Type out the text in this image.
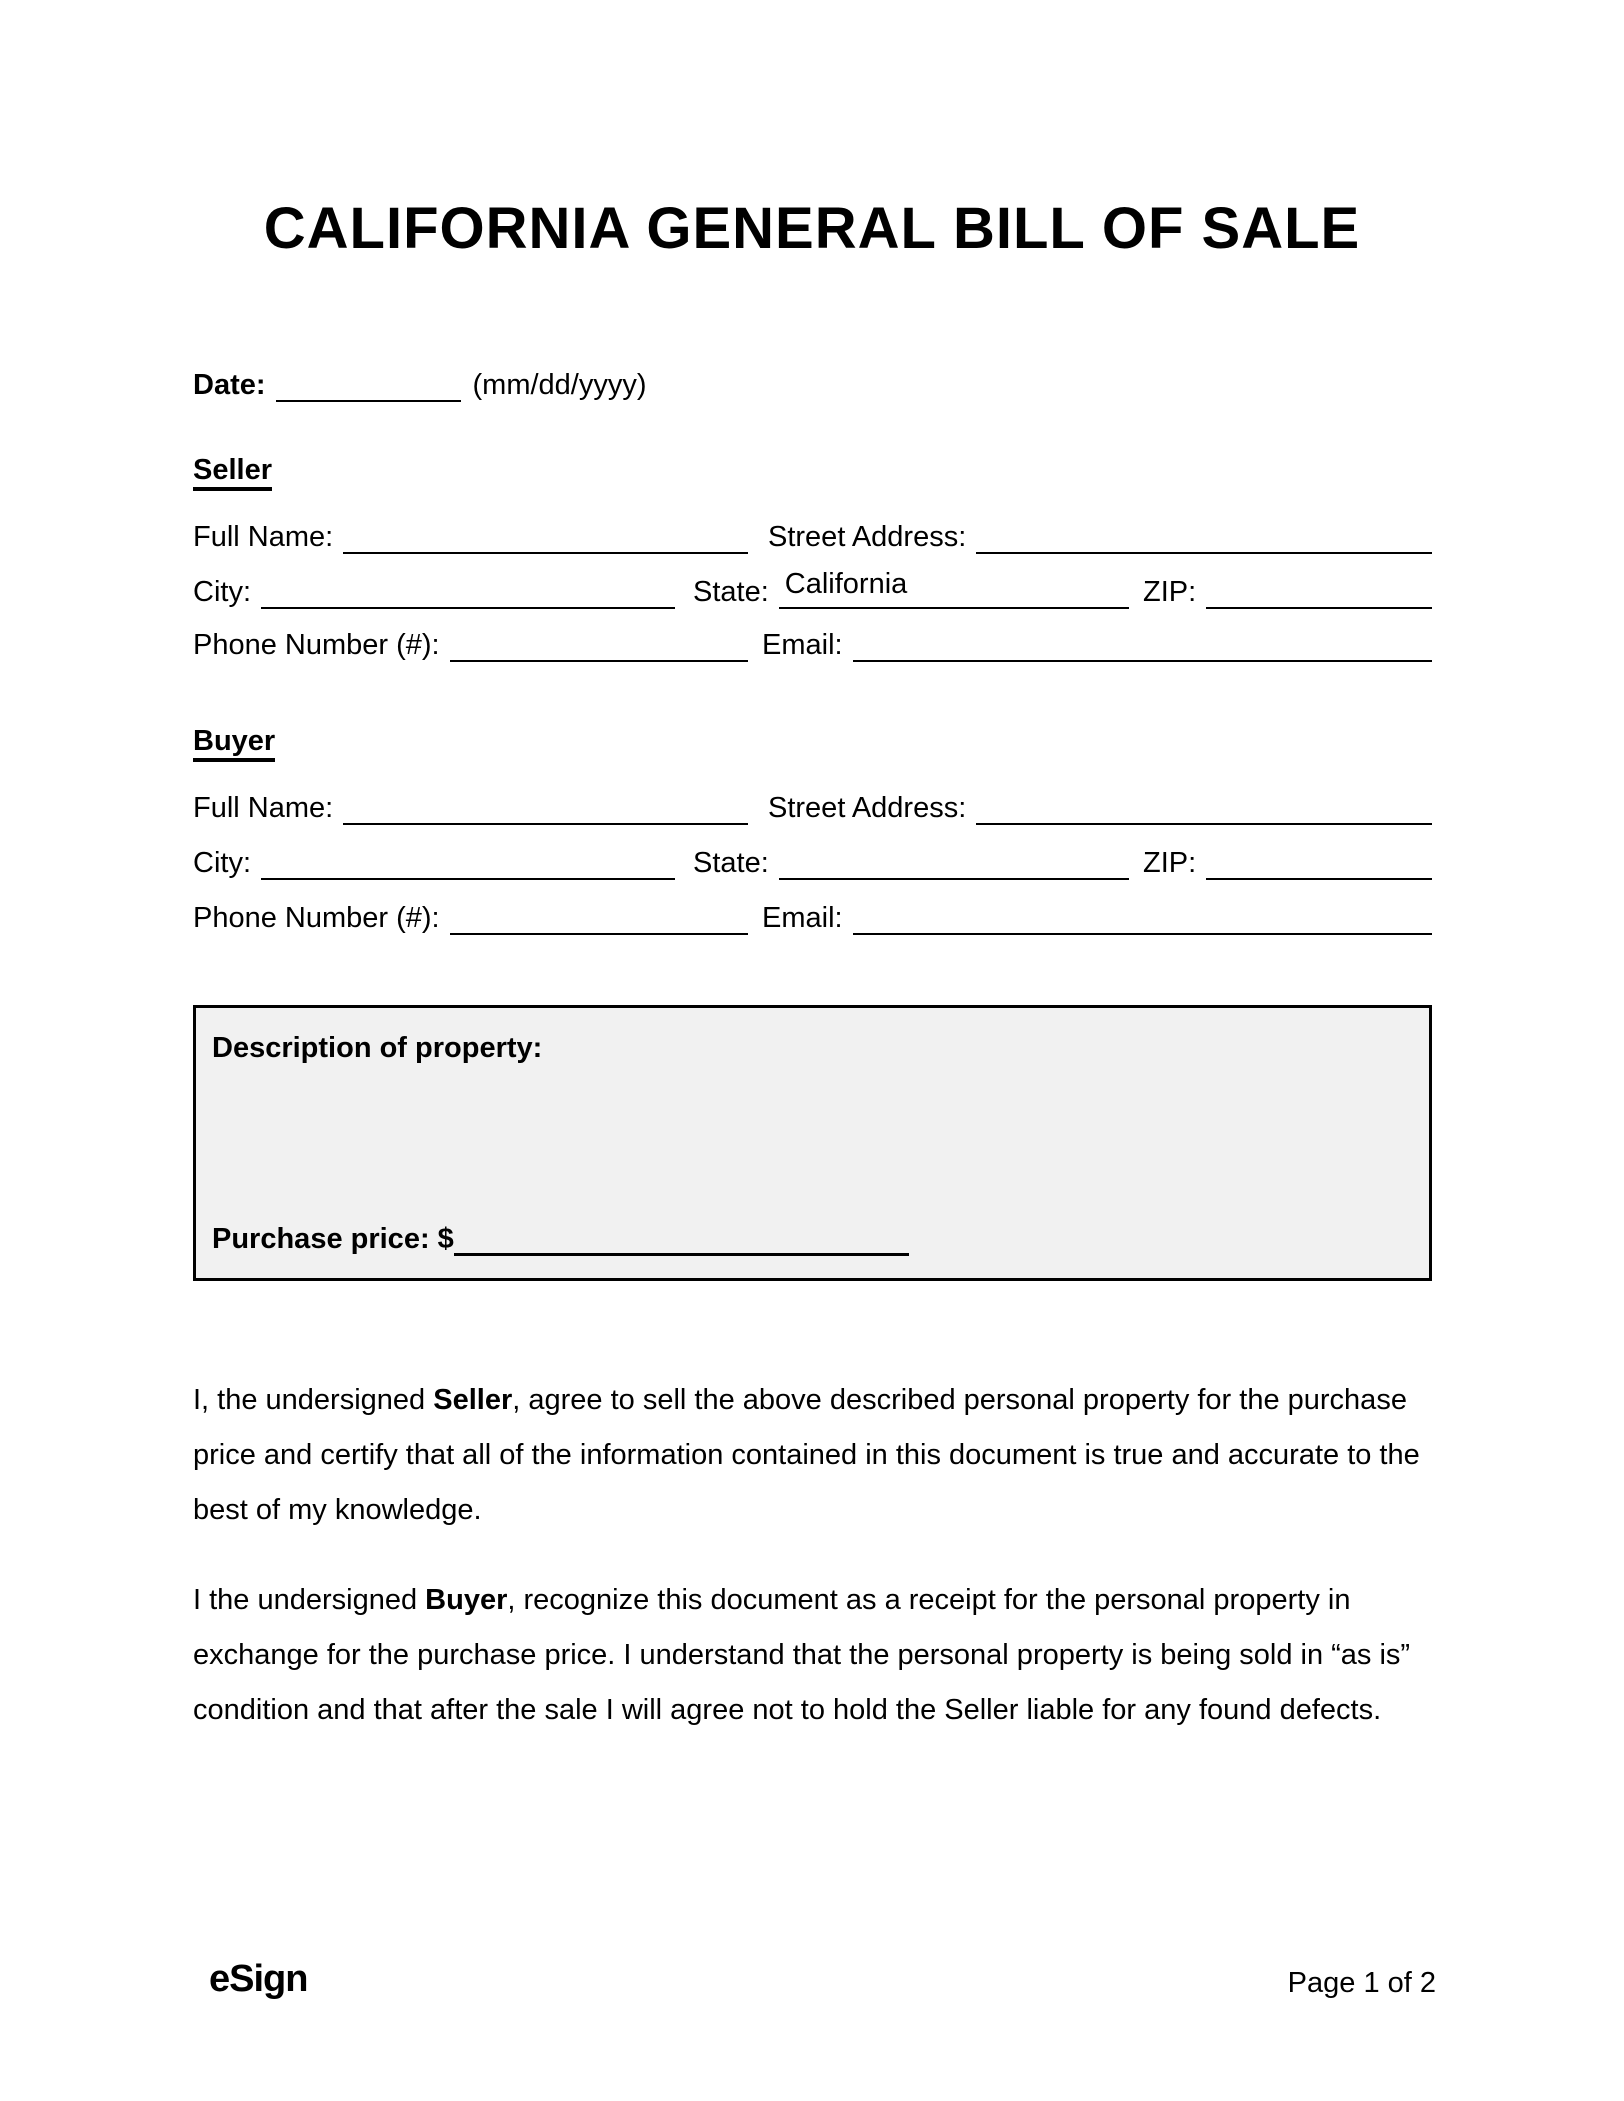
CALIFORNIA GENERAL BILL OF SALE
Date:	(mm/dd/yyyy)
Seller
Full Name:	Street Address:
City:	State: California	ZIP:
Phone Number (#):	Email:
Buyer
Full Name:	Street Address:
City:	State:	ZIP:
Phone Number (#):	Email:
Description of property:
Purchase price: $

I, the undersigned Seller, agree to sell the above described personal property for the purchase price and certify that all of the information contained in this document is true and accurate to the best of my knowledge.

I the undersigned Buyer, recognize this document as a receipt for the personal property in exchange for the purchase price. I understand that the personal property is being sold in “as is” condition and that after the sale I will agree not to hold the Seller liable for any found defects.

eSign	Page 1 of 2
